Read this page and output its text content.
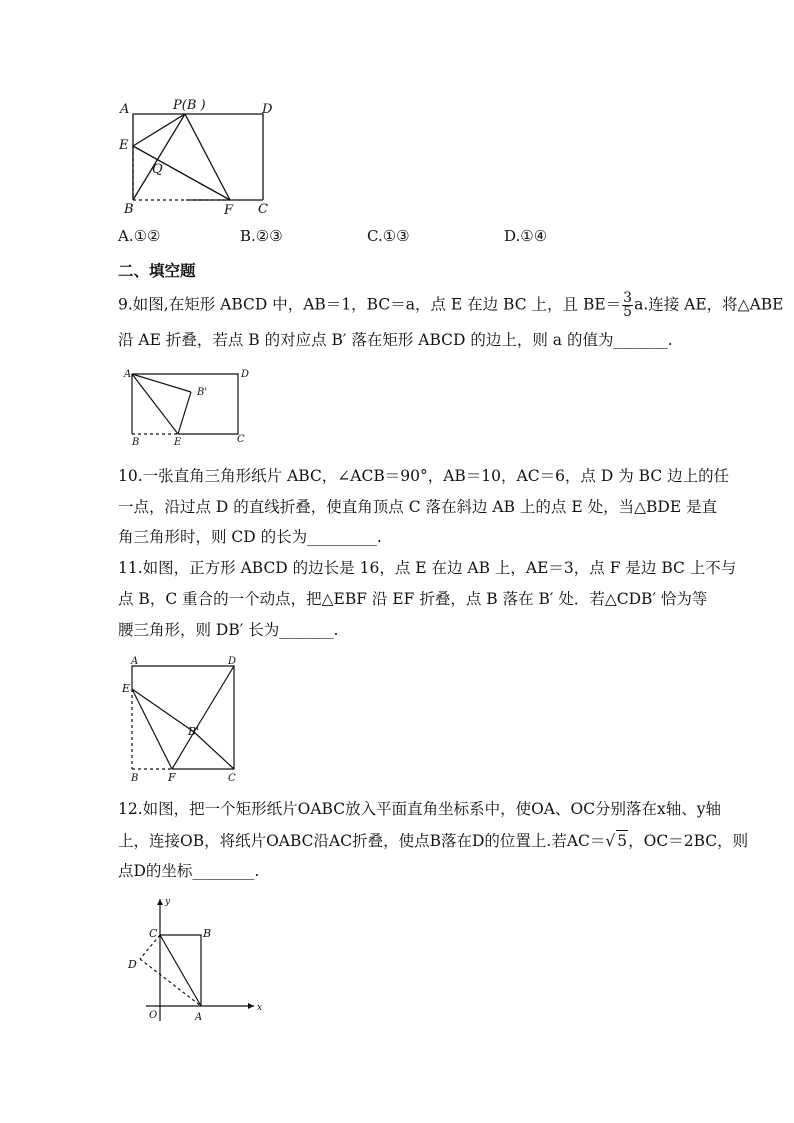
A	P(B )	D
E
Q
B	F C
A.①②	B.②③	C.①③	D.①④
二、填空题
9.如图,在矩形 ABCD 中，AB＝1，BC＝a，点 E 在边 BC 上，且 $BE= \frac{3}{5} a$.连接 AE，将△ABE
沿 AE 折叠，若点 B 的对应点 B′ 落在矩形 ABCD 的边上，则 a 的值为_______.
A	D
B'
B	E	C
10.一张直角三角形纸片 ABC，∠ACB＝90°，AB＝10，AC＝6，点 D 为 BC 边上的任
一点，沿过点 D 的直线折叠，使直角顶点 C 落在斜边 AB 上的点 E 处，当△BDE 是直
角三角形时，则 CD 的长为_________.
11.如图，正方形 ABCD 的边长是 16，点 E 在边 AB 上，AE＝3，点 F 是边 BC 上不与
点 B，C 重合的一个动点，把△EBF 沿 EF 折叠，点 B 落在 B′ 处．若△CDB′ 恰为等
腰三角形，则 DB′ 长为_______.
A	D
E
B'
B	F	C
12.如图，把一个矩形纸片OABC放入平面直角坐标系中，使OA、OC分别落在x轴、y轴
上，连接OB，将纸片OABC沿AC折叠，使点B落在D的位置上.若AC＝√ 5，OC＝2BC，则
点D的坐标________.
y
C	B
D
O	A
x
